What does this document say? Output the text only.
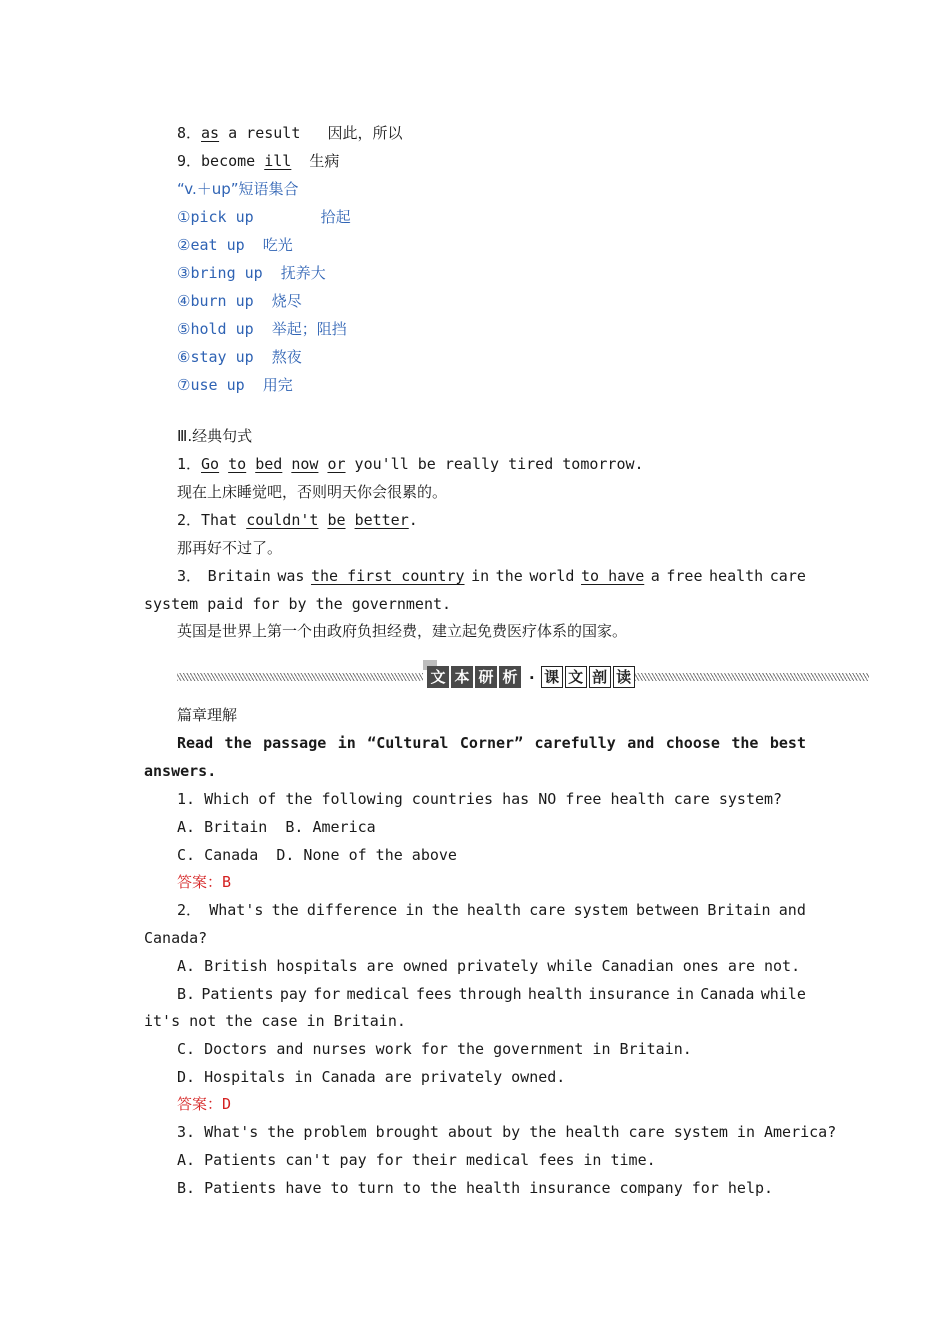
8．as a result 因此，所以
9．become ill 生病
“v.＋up”短语集合
①pick up	拾起
②eat up 吃光
③bring up 抚养大
④burn up 烧尽
⑤hold up 举起；阻挡
⑥stay up 熬夜
⑦use up 用完
Ⅲ.经典句式
1．Go to bed now or you'll be really tired tomorrow.
现在上床睡觉吧，否则明天你会很累的。
2．That couldn't be better.
那再好不过了。
3． Britain was the first country in the world to have a free health care
system paid for by the government.
英国是世界上第一个由政府负担经费，建立起免费医疗体系的国家。
文 本 研 析 · 课 文 剖 读
篇章理解
Read the passage in “Cultural Corner” carefully and choose the best
answers.
1. Which of the following countries has NO free health care system?
A. Britain  B. America
C. Canada  D. None of the above
答案：B
2． What's the difference in the health care system between Britain and
Canada?
A. British hospitals are owned privately while Canadian ones are not.
B. Patients pay for medical fees through health insurance in Canada while
it's not the case in Britain.
C. Doctors and nurses work for the government in Britain.
D. Hospitals in Canada are privately owned.
答案：D
3. What's the problem brought about by the health care system in America?
A. Patients can't pay for their medical fees in time.
B. Patients have to turn to the health insurance company for help.
